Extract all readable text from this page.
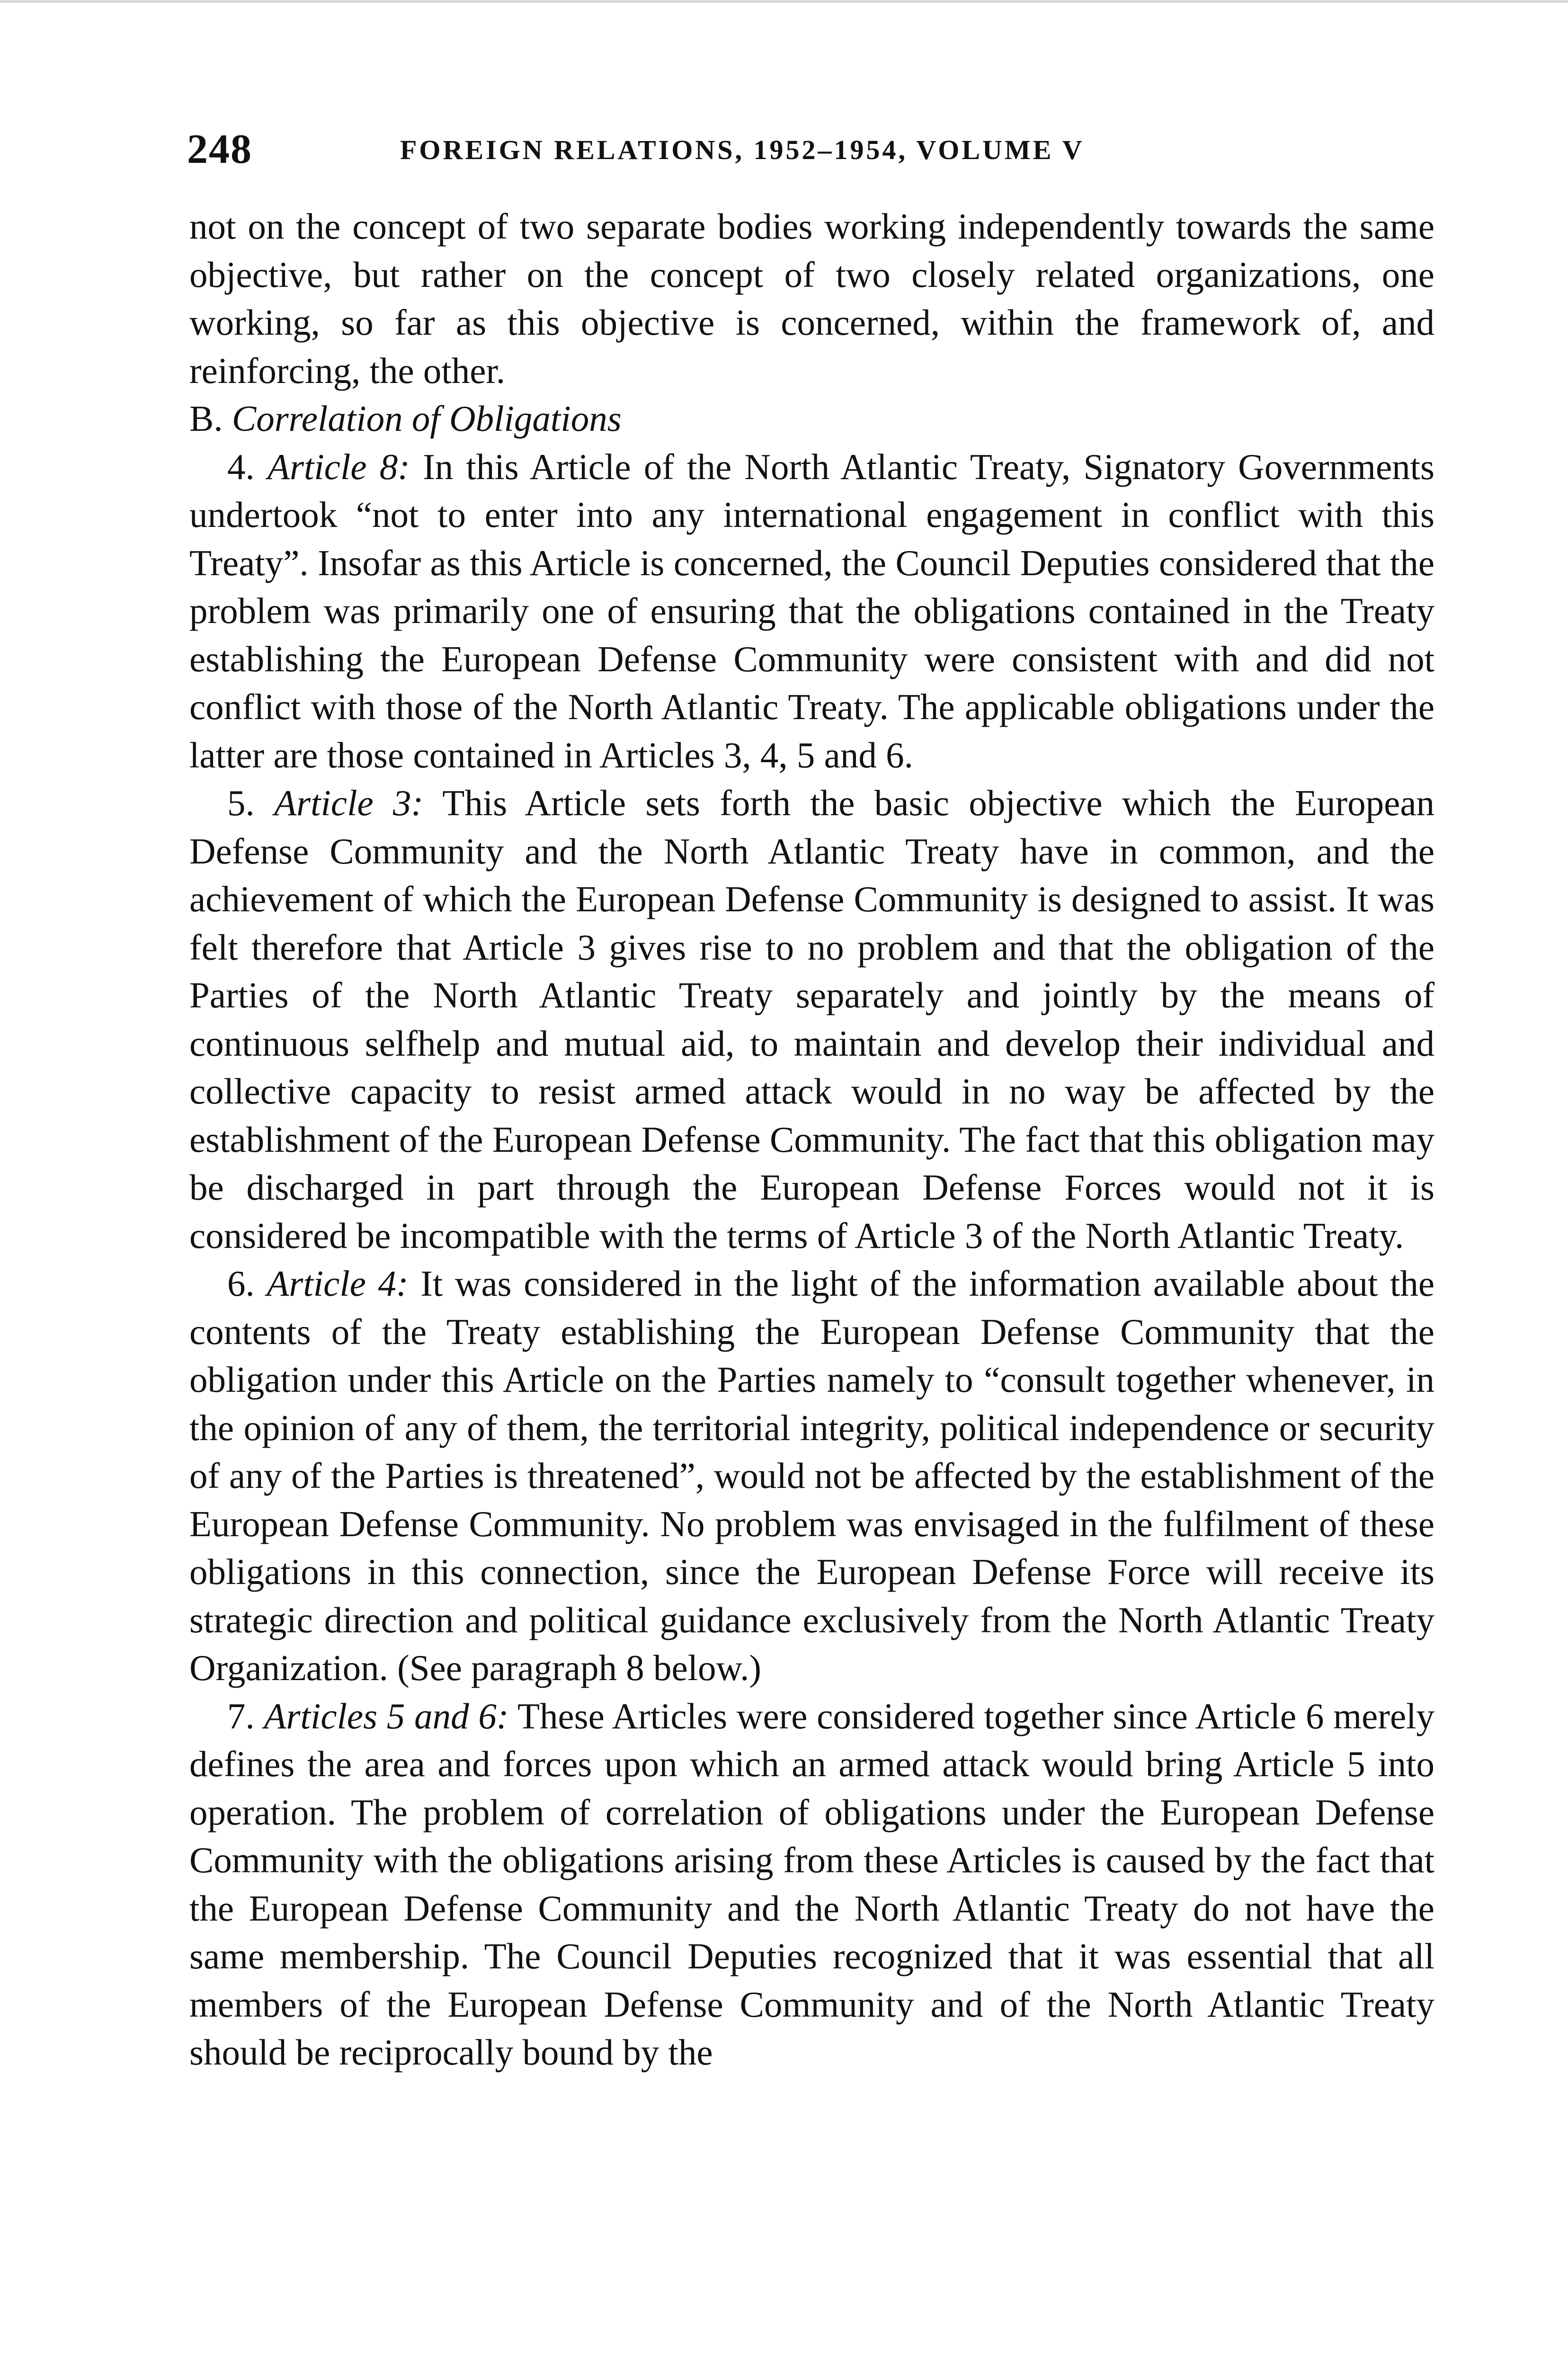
248	FOREIGN RELATIONS, 1952–1954, VOLUME V

not on the concept of two separate bodies working independently towards the same objective, but rather on the concept of two closely related organizations, one working, so far as this objective is concerned, within the framework of, and reinforcing, the other.

B. Correlation of Obligations

4. Article 8: In this Article of the North Atlantic Treaty, Signatory Governments undertook “not to enter into any international engagement in conflict with this Treaty”. Insofar as this Article is concerned, the Council Deputies considered that the problem was primarily one of ensuring that the obligations contained in the Treaty establishing the European Defense Community were consistent with and did not conflict with those of the North Atlantic Treaty. The applicable obligations under the latter are those contained in Articles 3, 4, 5 and 6.

5. Article 3: This Article sets forth the basic objective which the European Defense Community and the North Atlantic Treaty have in common, and the achievement of which the European Defense Community is designed to assist. It was felt therefore that Article 3 gives rise to no problem and that the obligation of the Parties of the North Atlantic Treaty separately and jointly by the means of continuous selfhelp and mutual aid, to maintain and develop their individual and collective capacity to resist armed attack would in no way be affected by the establishment of the European Defense Community. The fact that this obligation may be discharged in part through the European Defense Forces would not it is considered be incompatible with the terms of Article 3 of the North Atlantic Treaty.

6. Article 4: It was considered in the light of the information available about the contents of the Treaty establishing the European Defense Community that the obligation under this Article on the Parties namely to “consult together whenever, in the opinion of any of them, the territorial integrity, political independence or security of any of the Parties is threatened”, would not be affected by the establishment of the European Defense Community. No problem was envisaged in the fulfilment of these obligations in this connection, since the European Defense Force will receive its strategic direction and political guidance exclusively from the North Atlantic Treaty Organization. (See paragraph 8 below.)

7. Articles 5 and 6: These Articles were considered together since Article 6 merely defines the area and forces upon which an armed attack would bring Article 5 into operation. The problem of correlation of obligations under the European Defense Community with the obligations arising from these Articles is caused by the fact that the European Defense Community and the North Atlantic Treaty do not have the same membership. The Council Deputies recognized that it was essential that all members of the European Defense Community and of the North Atlantic Treaty should be reciprocally bound by the
